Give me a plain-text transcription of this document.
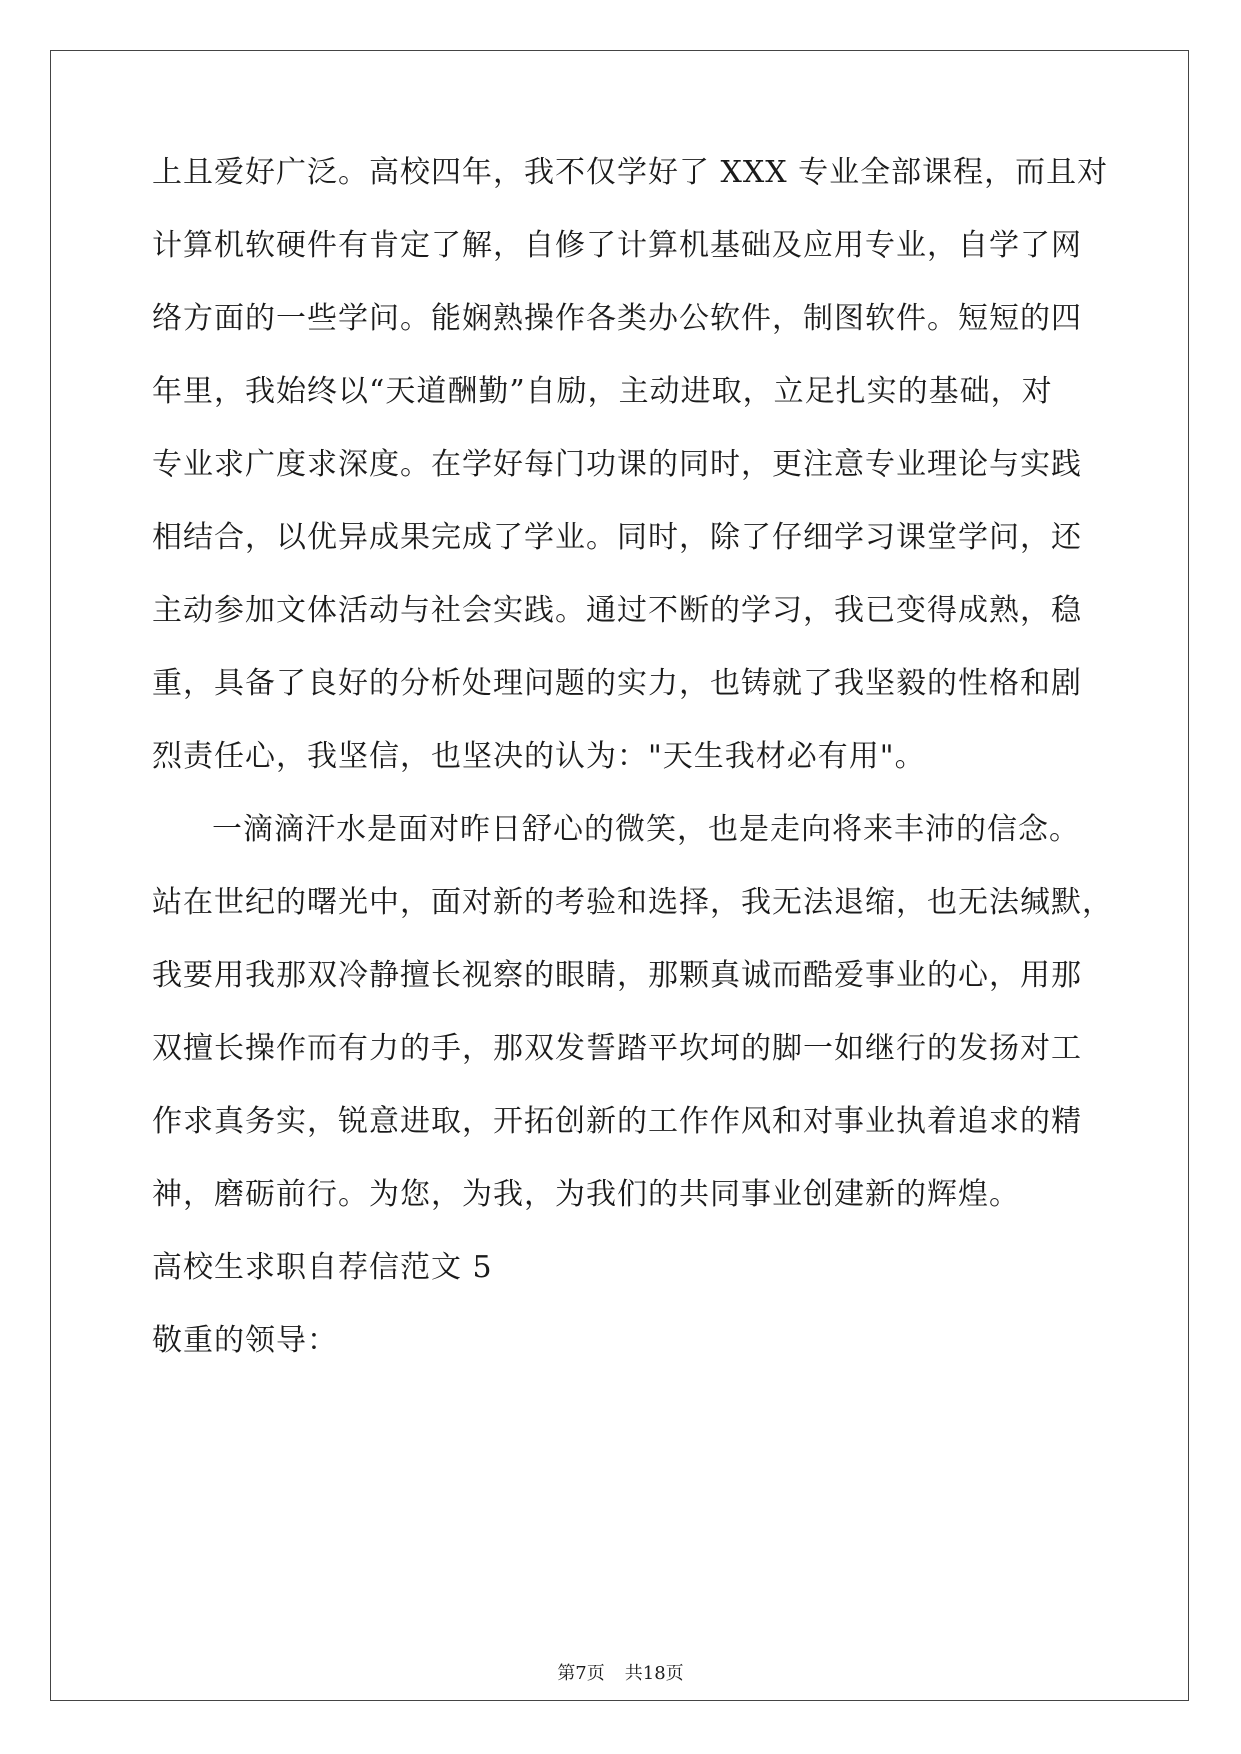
上且爱好广泛。高校四年，我不仅学好了 XXX 专业全部课程，而且对
计算机软硬件有肯定了解，自修了计算机基础及应用专业，自学了网
络方面的一些学问。能娴熟操作各类办公软件，制图软件。短短的四
年里，我始终以“天道酬勤”自励，主动进取，立足扎实的基础，对
专业求广度求深度。在学好每门功课的同时，更注意专业理论与实践
相结合，以优异成果完成了学业。同时，除了仔细学习课堂学问，还
主动参加文体活动与社会实践。通过不断的学习，我已变得成熟，稳
重，具备了良好的分析处理问题的实力，也铸就了我坚毅的性格和剧
烈责任心，我坚信，也坚决的认为："天生我材必有用"。
一滴滴汗水是面对昨日舒心的微笑，也是走向将来丰沛的信念。
站在世纪的曙光中，面对新的考验和选择，我无法退缩，也无法缄默，
我要用我那双冷静擅长视察的眼睛，那颗真诚而酷爱事业的心，用那
双擅长操作而有力的手，那双发誓踏平坎坷的脚一如继行的发扬对工
作求真务实，锐意进取，开拓创新的工作作风和对事业执着追求的精
神，磨砺前行。为您，为我，为我们的共同事业创建新的辉煌。
高校生求职自荐信范文 5
敬重的领导：
第7页 共18页
